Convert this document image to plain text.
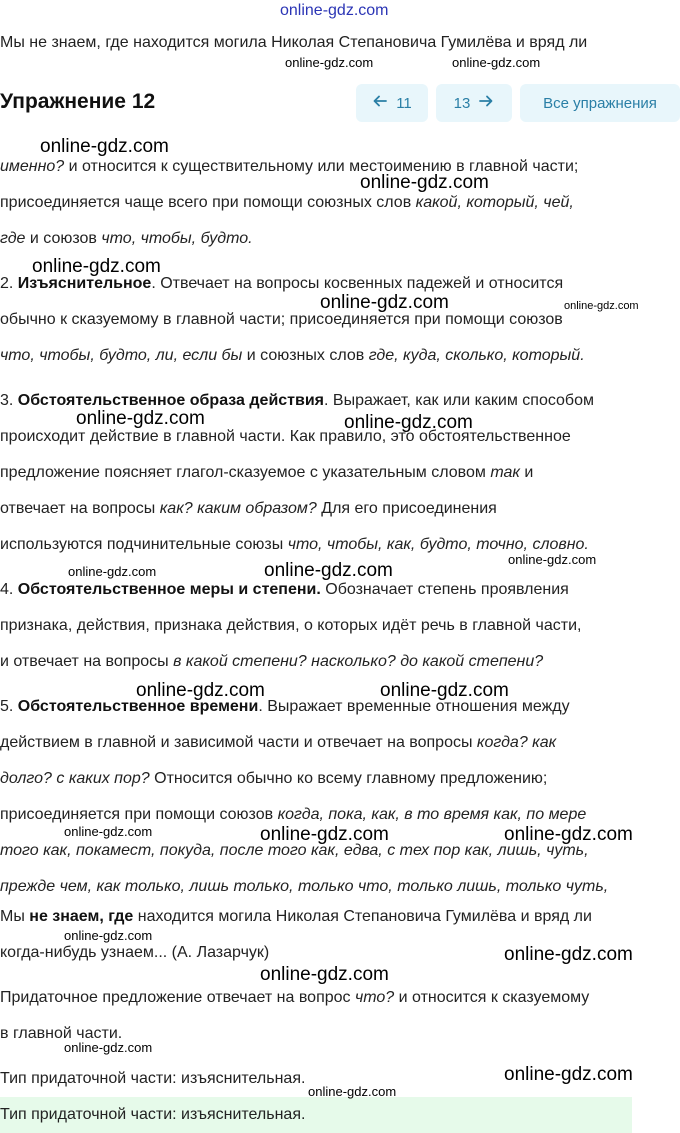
именно? и относится к существительному или местоимению в главной части;
присоединяется чаще всего при помощи союзных слов какой, который, чей,
где и союзов что, чтобы, будто.
2. Изъяснительное. Отвечает на вопросы косвенных падежей и относится
обычно к сказуемому в главной части; присоединяется при помощи союзов
что, чтобы, будто, ли, если бы и союзных слов где, куда, сколько, который.
3. Обстоятельственное образа действия. Выражает, как или каким способом
происходит действие в главной части. Как правило, это обстоятельственное
предложение поясняет глагол-сказуемое с указательным словом так и
отвечает на вопросы как? каким образом? Для его присоединения
используются подчинительные союзы что, чтобы, как, будто, точно, словно.
4. Обстоятельственное меры и степени. Обозначает степень проявления
признака, действия, признака действия, о которых идёт речь в главной части,
и отвечает на вопросы в какой степени? насколько? до какой степени?
5. Обстоятельственное времени. Выражает временные отношения между
действием в главной и зависимой части и отвечает на вопросы когда? как
долго? с каких пор? Относится обычно ко всему главному предложению;
присоединяется при помощи союзов когда, пока, как, в то время как, по мере
того как, покамест, покуда, после того как, едва, с тех пор как, лишь, чуть,
прежде чем, как только, лишь только, только что, только лишь, только чуть,
Мы не знаем, где находится могила Николая Степановича Гумилёва и вряд ли
когда-нибудь узнаем... (А. Лазарчук)
Придаточное предложение отвечает на вопрос что? и относится к сказуемому
в главной части.
Тип придаточной части: изъяснительная.
Тип придаточной части: изъяснительная.
Мы не знаем, где находится могила Николая Степановича Гумилёва и вряд ли
Упражнение 12	11	13	Все упражнения
online-gdz.com
online-gdz.com	online-gdz.com
online-gdz.com
online-gdz.com
online-gdz.com
online-gdz.com	online-gdz.com
online-gdz.com	online-gdz.com
online-gdz.com
online-gdz.com	online-gdz.com
online-gdz.com	online-gdz.com
online-gdz.com	online-gdz.com	online-gdz.com
online-gdz.com
online-gdz.com
online-gdz.com
online-gdz.com
online-gdz.com
online-gdz.com
